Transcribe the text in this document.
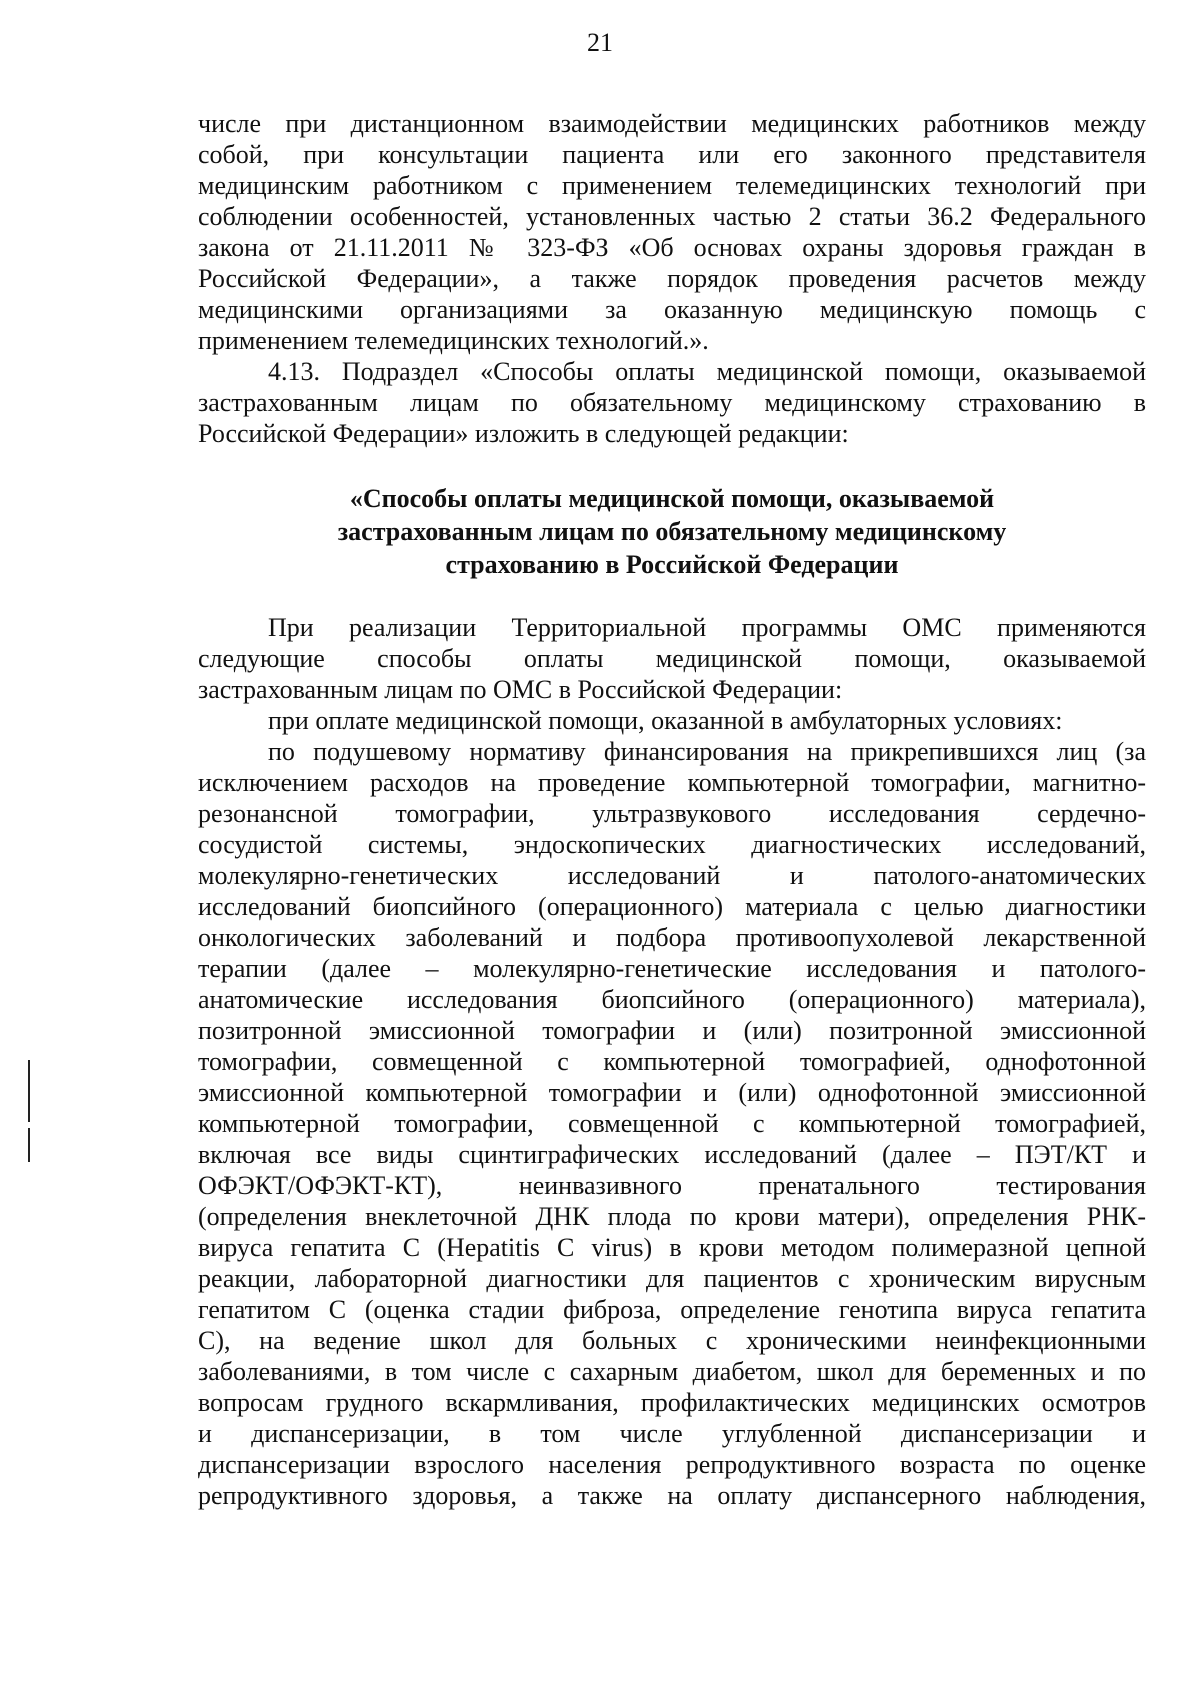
21
числе при дистанционном взаимодействии медицинских работников между
собой, при консультации пациента или его законного представителя
медицинским работником с применением телемедицинских технологий при
соблюдении особенностей, установленных частью 2 статьи 36.2 Федерального
закона от 21.11.2011 № 323-ФЗ «Об основах охраны здоровья граждан в
Российской Федерации», а также порядок проведения расчетов между
медицинскими организациями за оказанную медицинскую помощь с
применением телемедицинских технологий.».
4.13. Подраздел «Способы оплаты медицинской помощи, оказываемой
застрахованным лицам по обязательному медицинскому страхованию в
Российской Федерации» изложить в следующей редакции:
«Способы оплаты медицинской помощи, оказываемой
застрахованным лицам по обязательному медицинскому
страхованию в Российской Федерации
При реализации Территориальной программы ОМС применяются
следующие способы оплаты медицинской помощи, оказываемой
застрахованным лицам по ОМС в Российской Федерации:
при оплате медицинской помощи, оказанной в амбулаторных условиях:
по подушевому нормативу финансирования на прикрепившихся лиц (за
исключением расходов на проведение компьютерной томографии, магнитно-
резонансной томографии, ультразвукового исследования сердечно-
сосудистой системы, эндоскопических диагностических исследований,
молекулярно-генетических исследований и патолого-анатомических
исследований биопсийного (операционного) материала с целью диагностики
онкологических заболеваний и подбора противоопухолевой лекарственной
терапии (далее – молекулярно-генетические исследования и патолого-
анатомические исследования биопсийного (операционного) материала),
позитронной эмиссионной томографии и (или) позитронной эмиссионной
томографии, совмещенной с компьютерной томографией, однофотонной
эмиссионной компьютерной томографии и (или) однофотонной эмиссионной
компьютерной томографии, совмещенной с компьютерной томографией,
включая все виды сцинтиграфических исследований (далее – ПЭТ/КТ и
ОФЭКТ/ОФЭКТ-КТ), неинвазивного пренатального тестирования
(определения внеклеточной ДНК плода по крови матери), определения РНК-
вируса гепатита С (Hepatitis C virus) в крови методом полимеразной цепной
реакции, лабораторной диагностики для пациентов с хроническим вирусным
гепатитом С (оценка стадии фиброза, определение генотипа вируса гепатита
С), на ведение школ для больных с хроническими неинфекционными
заболеваниями, в том числе с сахарным диабетом, школ для беременных и по
вопросам грудного вскармливания, профилактических медицинских осмотров
и диспансеризации, в том числе углубленной диспансеризации и
диспансеризации взрослого населения репродуктивного возраста по оценке
репродуктивного здоровья, а также на оплату диспансерного наблюдения,
